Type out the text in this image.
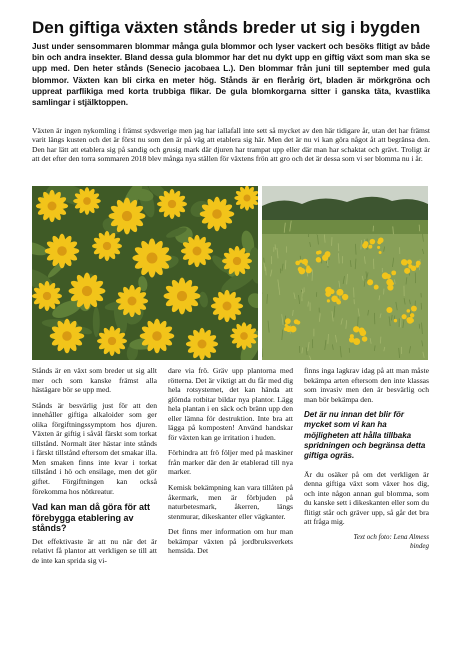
Den giftiga växten stånds breder ut sig i bygden
Just under sensommaren blommar många gula blommor och lyser vackert och besöks flitigt av både bin och andra insekter. Bland dessa gula blommor har det nu dykt upp en giftig växt som man ska se upp med. Den heter stånds (Senecio jacobaea L.). Den blommar från juni till september med gula blommor. Växten kan bli cirka en meter hög. Stånds är en flerårig ört, bladen är mörkgröna och uppreat parflikiga med korta trubbiga flikar. De gula blomkorgarna sitter i ganska täta, kvastlika samlingar i stjälktoppen.
Växten är ingen nykomling i främst sydsverige men jag har iallafall inte sett så mycket av den här tidigare år, utan det har främst varit längs kusten och det är först nu som den är på väg att etablera sig här. Men det är nu vi kan göra något åt att begränsa den. Den har lätt att etablera sig på sandig och grusig mark där djuren har trampat upp eller där man har schaktat och grävt. Troligt är att det efter den torra sommaren 2018 blev många nya ställen för växtens frön att gro och det är dessa som vi ser blomma nu i år.

Stånds är en växt som breder ut sig allt mer och som kanske främst alla hästägare bör se upp med.

Stånds är besvärlig just för att den innehåller giftiga alkaloider som ger olika förgiftningssymptom hos djuren. Växten är giftig i såväl färskt som torkat tillstånd. Normalt äter hästar inte stånds i färskt tillstånd eftersom det smakar illa. Men smaken finns inte kvar i torkat tillstånd i hö och ensilage, men det gör giftet. Förgiftningen kan också förekomma hos nötkreatur.

Vad kan man då göra för att förebygga etablering av stånds?

Det effektivaste är att nu när det är relativt få plantor att verkligen se till att de inte kan sprida sig vi-

dare via frö. Gräv upp plantorna med rötterna. Det är viktigt att du får med dig hela rotsystemet, det kan hända att glömda rotbitar bildar nya plantor. Lägg hela plantan i en säck och bränn upp den eller lämna för destruktion. Inte bra att lägga på komposten! Använd handskar för växten kan ge irritation i huden.

Förhindra att frö följer med på maskiner från marker där den är etablerad till nya marker.

Kemisk bekämpning kan vara tillåten på åkermark, men är förbjuden på naturbetesmark, åkerren, längs stenmurar, dikeskanter eller vägkanter.

Det finns mer information om hur man bekämpar växten på jordbruksverkets hemsida. Det

finns inga lagkrav idag på att man måste bekämpa arten eftersom den inte klassas som invasiv men den är besvärlig och man bör bekämpa den.

Det är nu innan det blir för mycket som vi kan ha möjligheten att hålla tillbaka spridningen och begränsa detta giftiga ogräs.

Är du osäker på om det verkligen är denna giftiga växt som växer hos dig, och inte någon annan gul blomma, som du kanske sett i dikeskanten eller som du flitigt står och gräver upp, så går det bra att fråga mig.

Text och foto: Lena Almess
bindeg
